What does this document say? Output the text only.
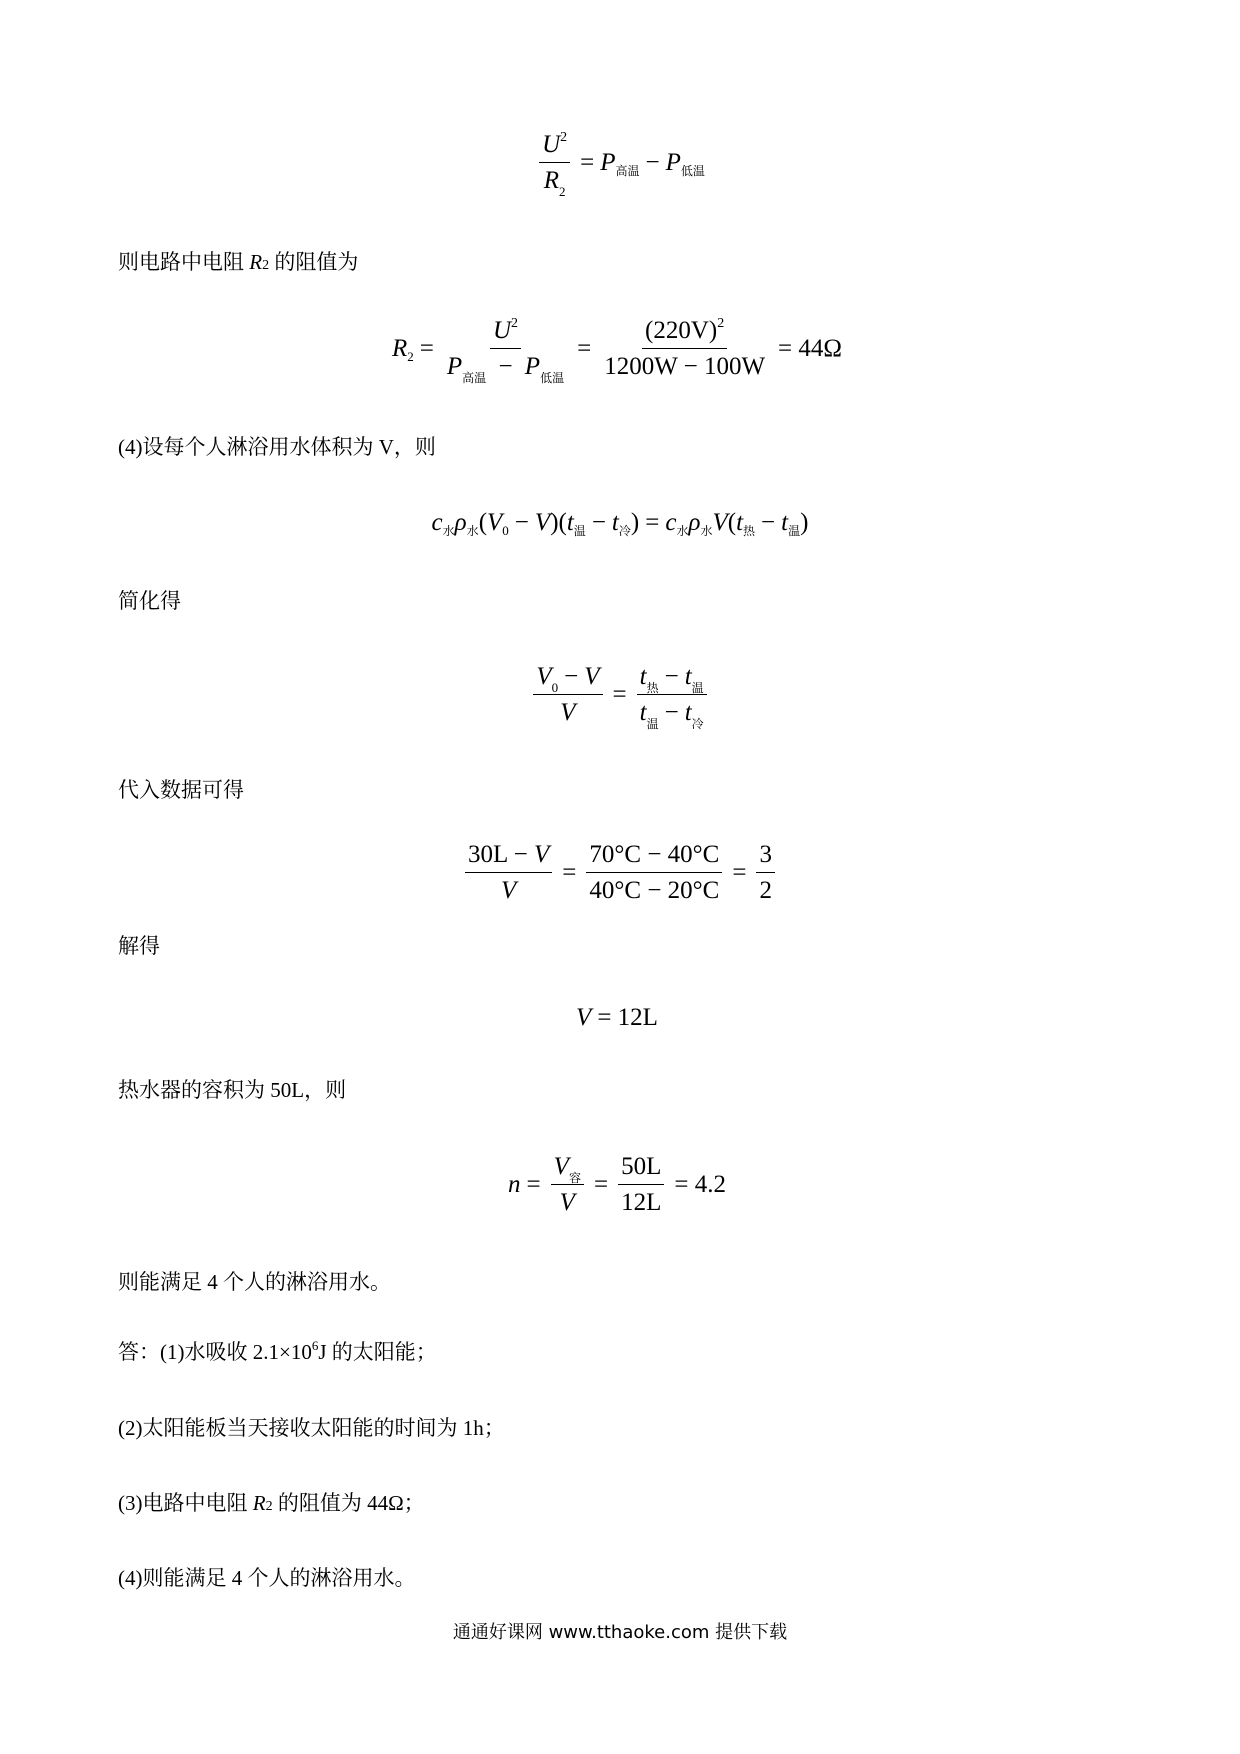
$\frac{U^2}{R_2} = P$ 高温 − P 低温
则电路中电阻 R2 的阻值为
R $2 = \frac{U^2}{P_{高温} - P_{低温}} = \frac{(220V)^2}{1200W - 100W} = 44\Omega$
(4)设每个人淋浴用水体积为 V，则
c 水 ρ 水 ( V 0 − V ) ( t 温 − t 冷 ) = c 水 ρ 水 V ( t 热 − t 温 )
简化得
$\frac{V_0 - V}{V} = \frac{t_热 - t_温}{t_温 - t_冷}$
代入数据可得
$\frac{30L - V}{V} = \frac{70^\circ C - 40^\circ C}{40^\circ C - 20^\circ C} = \frac{3}{2}$
解得
V = 12L
热水器的容积为 50L，则
$n = \frac{V_容}{V} = \frac{50L}{12L} = 4.2$
则能满足 4 个人的淋浴用水。
答：(1)水吸收 $2.1\times 10^6J$ 的太阳能；
(2)太阳能板当天接收太阳能的时间为 1h；
(3)电路中电阻 R2 的阻值为 44Ω；
(4)则能满足 4 个人的淋浴用水。
通通好课网 www.tthaoke.com 提供下载
